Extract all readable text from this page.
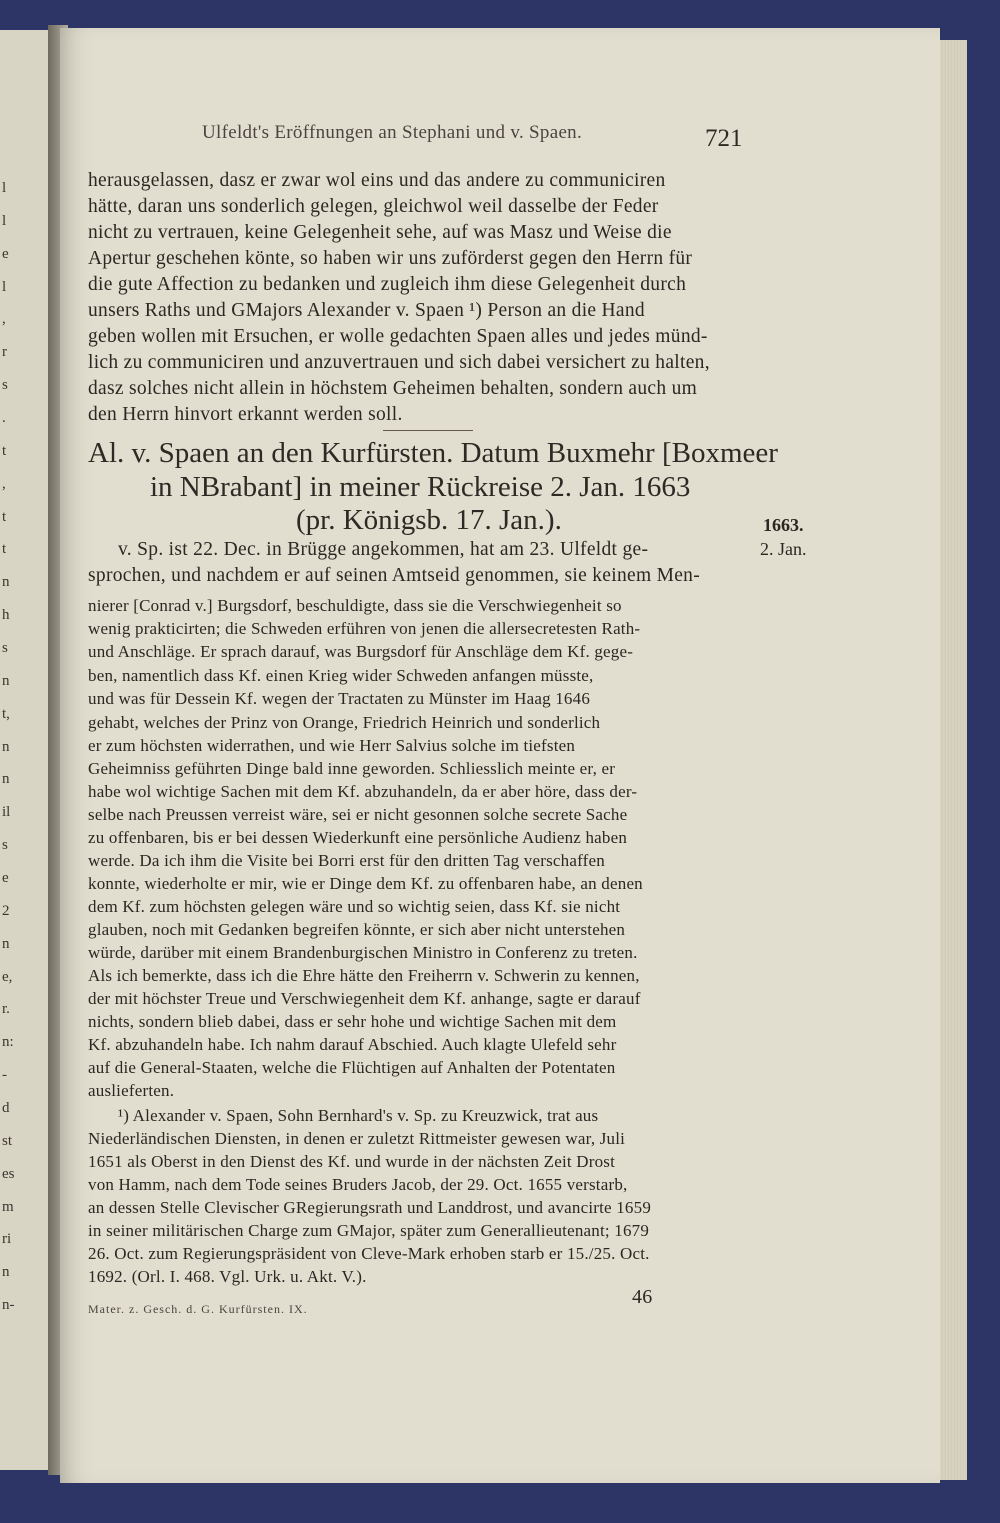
l
l
e
l
,
r
s
.
t
,
t
t
n
h
s
n
t,
n
n
il
s
e
2
n
e,
r.
n:
-
d
st
es
m
ri
n
n-
Ulfeldt's Eröffnungen an Stephani und v. Spaen.	721
herausgelassen, dasz er zwar wol eins und das andere zu communiciren
hätte, daran uns sonderlich gelegen, gleichwol weil dasselbe der Feder
nicht zu vertrauen, keine Gelegenheit sehe, auf was Masz und Weise die
Apertur geschehen könte, so haben wir uns zuförderst gegen den Herrn für
die gute Affection zu bedanken und zugleich ihm diese Gelegenheit durch
unsers Raths und GMajors Alexander v. Spaen ¹) Person an die Hand
geben wollen mit Ersuchen, er wolle gedachten Spaen alles und jedes münd-
lich zu communiciren und anzuvertrauen und sich dabei versichert zu halten,
dasz solches nicht allein in höchstem Geheimen behalten, sondern auch um
den Herrn hinvort erkannt werden soll.
Al. v. Spaen an den Kurfürsten. Datum Buxmehr [Boxmeer
in NBrabant] in meiner Rückreise 2. Jan. 1663
(pr. Königsb. 17. Jan.).	1663.
2. Jan.
v. Sp. ist 22. Dec. in Brügge angekommen, hat am 23. Ulfeldt ge-
sprochen, und nachdem er auf seinen Amtseid genommen, sie keinem Men-
nierer [Conrad v.] Burgsdorf, beschuldigte, dass sie die Verschwiegenheit so
wenig prakticirten; die Schweden erführen von jenen die allersecretesten Rath-
und Anschläge. Er sprach darauf, was Burgsdorf für Anschläge dem Kf. gege-
ben, namentlich dass Kf. einen Krieg wider Schweden anfangen müsste,
und was für Dessein Kf. wegen der Tractaten zu Münster im Haag 1646
gehabt, welches der Prinz von Orange, Friedrich Heinrich und sonderlich
er zum höchsten widerrathen, und wie Herr Salvius solche im tiefsten
Geheimniss geführten Dinge bald inne geworden. Schliesslich meinte er, er
habe wol wichtige Sachen mit dem Kf. abzuhandeln, da er aber höre, dass der-
selbe nach Preussen verreist wäre, sei er nicht gesonnen solche secrete Sache
zu offenbaren, bis er bei dessen Wiederkunft eine persönliche Audienz haben
werde. Da ich ihm die Visite bei Borri erst für den dritten Tag verschaffen
konnte, wiederholte er mir, wie er Dinge dem Kf. zu offenbaren habe, an denen
dem Kf. zum höchsten gelegen wäre und so wichtig seien, dass Kf. sie nicht
glauben, noch mit Gedanken begreifen könnte, er sich aber nicht unterstehen
würde, darüber mit einem Brandenburgischen Ministro in Conferenz zu treten.
Als ich bemerkte, dass ich die Ehre hätte den Freiherrn v. Schwerin zu kennen,
der mit höchster Treue und Verschwiegenheit dem Kf. anhange, sagte er darauf
nichts, sondern blieb dabei, dass er sehr hohe und wichtige Sachen mit dem
Kf. abzuhandeln habe. Ich nahm darauf Abschied. Auch klagte Ulefeld sehr
auf die General-Staaten, welche die Flüchtigen auf Anhalten der Potentaten
auslieferten.
¹) Alexander v. Spaen, Sohn Bernhard's v. Sp. zu Kreuzwick, trat aus
Niederländischen Diensten, in denen er zuletzt Rittmeister gewesen war, Juli
1651 als Oberst in den Dienst des Kf. und wurde in der nächsten Zeit Drost
von Hamm, nach dem Tode seines Bruders Jacob, der 29. Oct. 1655 verstarb,
an dessen Stelle Clevischer GRegierungsrath und Landdrost, und avancirte 1659
in seiner militärischen Charge zum GMajor, später zum Generallieutenant; 1679
26. Oct. zum Regierungspräsident von Cleve-Mark erhoben starb er 15./25. Oct.
1692. (Orl. I. 468. Vgl. Urk. u. Akt. V.).
Mater. z. Gesch. d. G. Kurfürsten. IX.
46
